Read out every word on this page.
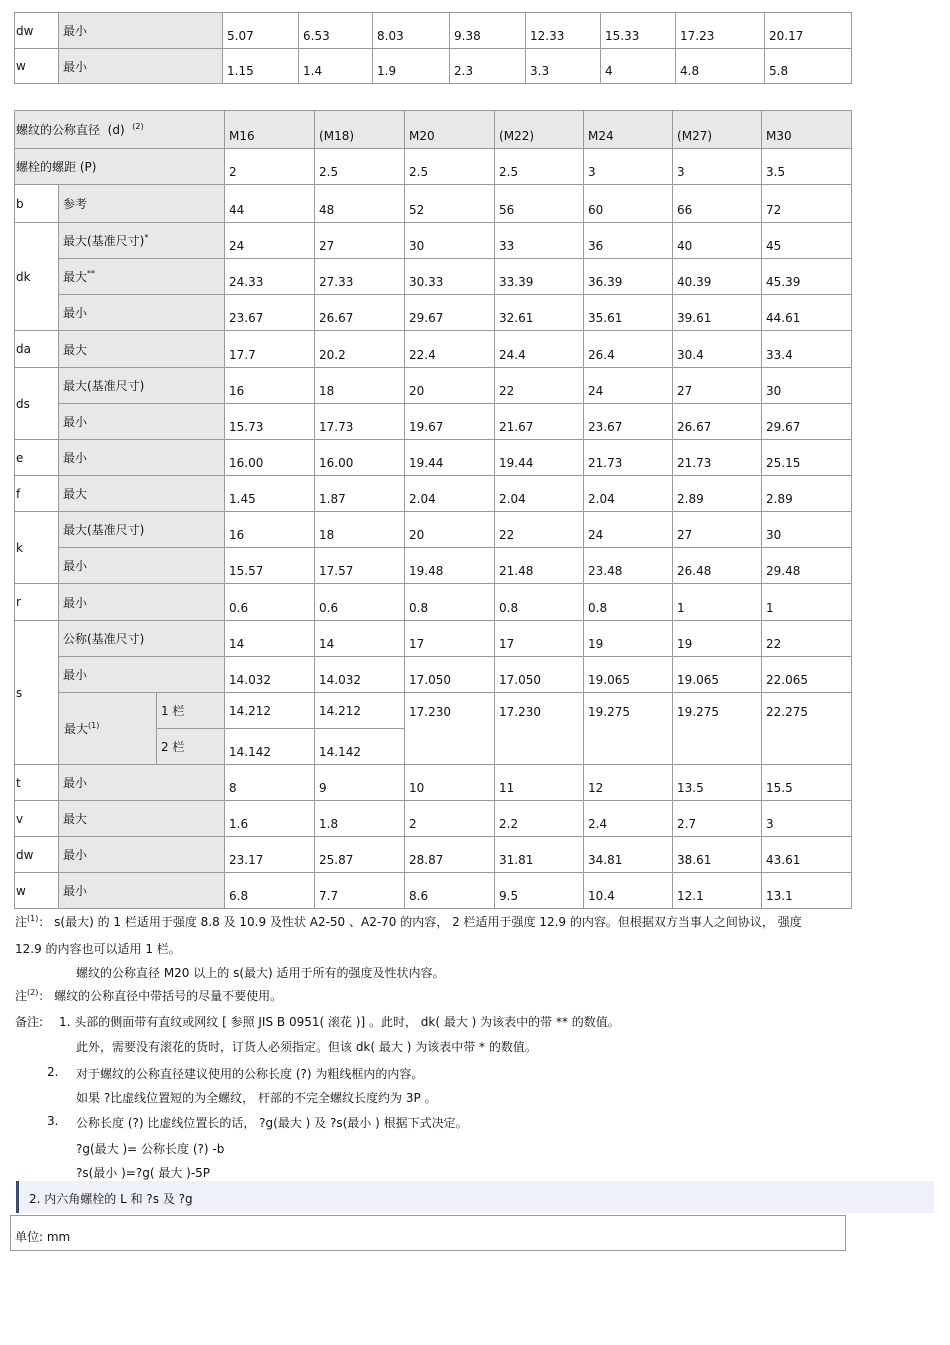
dw	最小	5.07	6.53	8.03	9.38	12.33	15.33	17.23	20.17
w	最小	1.15	1.4	1.9	2.3	3.3	4	4.8	5.8
螺纹的公称直径 (d) $^{(2)}$			M16	(M18)	M20	(M22)	M24	(M27)	M30
螺栓的螺距 (P)			2	2.5	2.5	2.5	3	3	3.5
b	参考		44	48	52	56	60	66	72
dk	最大(基准尺寸)*		24	27	30	33	36	40	45
	最大**		24.33	27.33	30.33	33.39	36.39	40.39	45.39
	最小		23.67	26.67	29.67	32.61	35.61	39.61	44.61
da	最大		17.7	20.2	22.4	24.4	26.4	30.4	33.4
ds	最大(基准尺寸)		16	18	20	22	24	27	30
	最小		15.73	17.73	19.67	21.67	23.67	26.67	29.67
e	最小		16.00	16.00	19.44	19.44	21.73	21.73	25.15
f	最大		1.45	1.87	2.04	2.04	2.04	2.89	2.89
k	最大(基准尺寸)		16	18	20	22	24	27	30
	最小		15.57	17.57	19.48	21.48	23.48	26.48	29.48
r	最小		0.6	0.6	0.8	0.8	0.8	1	1
s	公称(基准尺寸)		14	14	17	17	19	19	22
	最小		14.032	14.032	17.050	17.050	19.065	19.065	22.065
	最大$^{(1)}$	1 栏	14.212	14.212	17.230	17.230	19.275	19.275	22.275
		2 栏	14.142	14.142					
t	最小		8	9	10	11	12	13.5	15.5
v	最大		1.6	1.8	2	2.2	2.4	2.7	3
dw	最小		23.17	25.87	28.87	31.81	34.81	38.61	43.61
w	最小		6.8	7.7	8.6	9.5	10.4	12.1	13.1
注$^{(1)}$： s(最大) 的 1 栏适用于强度 8.8 及 10.9 及性状 A2-50 、A2-70 的内容， 2 栏适用于强度 12.9 的内容。但根据双方当事人之间协议， 强度
12.9 的内容也可以适用 1 栏。
螺纹的公称直径 M20 以上的 s(最大) 适用于所有的强度及性状内容。
注$^{(2)}$： 螺纹的公称直径中带括号的尽量不要使用。
备注: 1. 头部的侧面带有直纹或网纹 [ 参照 JIS B 0951( 滚花 )] 。此时， dk( 最大 ) 为该表中的带 ** 的数值。
此外，需要没有滚花的货时，订货人必须指定。但该 dk( 最大 ) 为该表中带 * 的数值。
2. 对于螺纹的公称直径建议使用的公称长度 (?) 为粗线框内的内容。
如果 ?比虚线位置短的为全螺纹， 杆部的不完全螺纹长度约为 3P 。
3. 公称长度 (?) 比虚线位置长的话， ?g(最大 ) 及 ?s(最小 ) 根据下式决定。
?g(最大 )= 公称长度 (?) -b
?s(最小 )=?g( 最大 )-5P
2. 内六角螺栓的 L 和 ?s 及 ?g
单位: mm
